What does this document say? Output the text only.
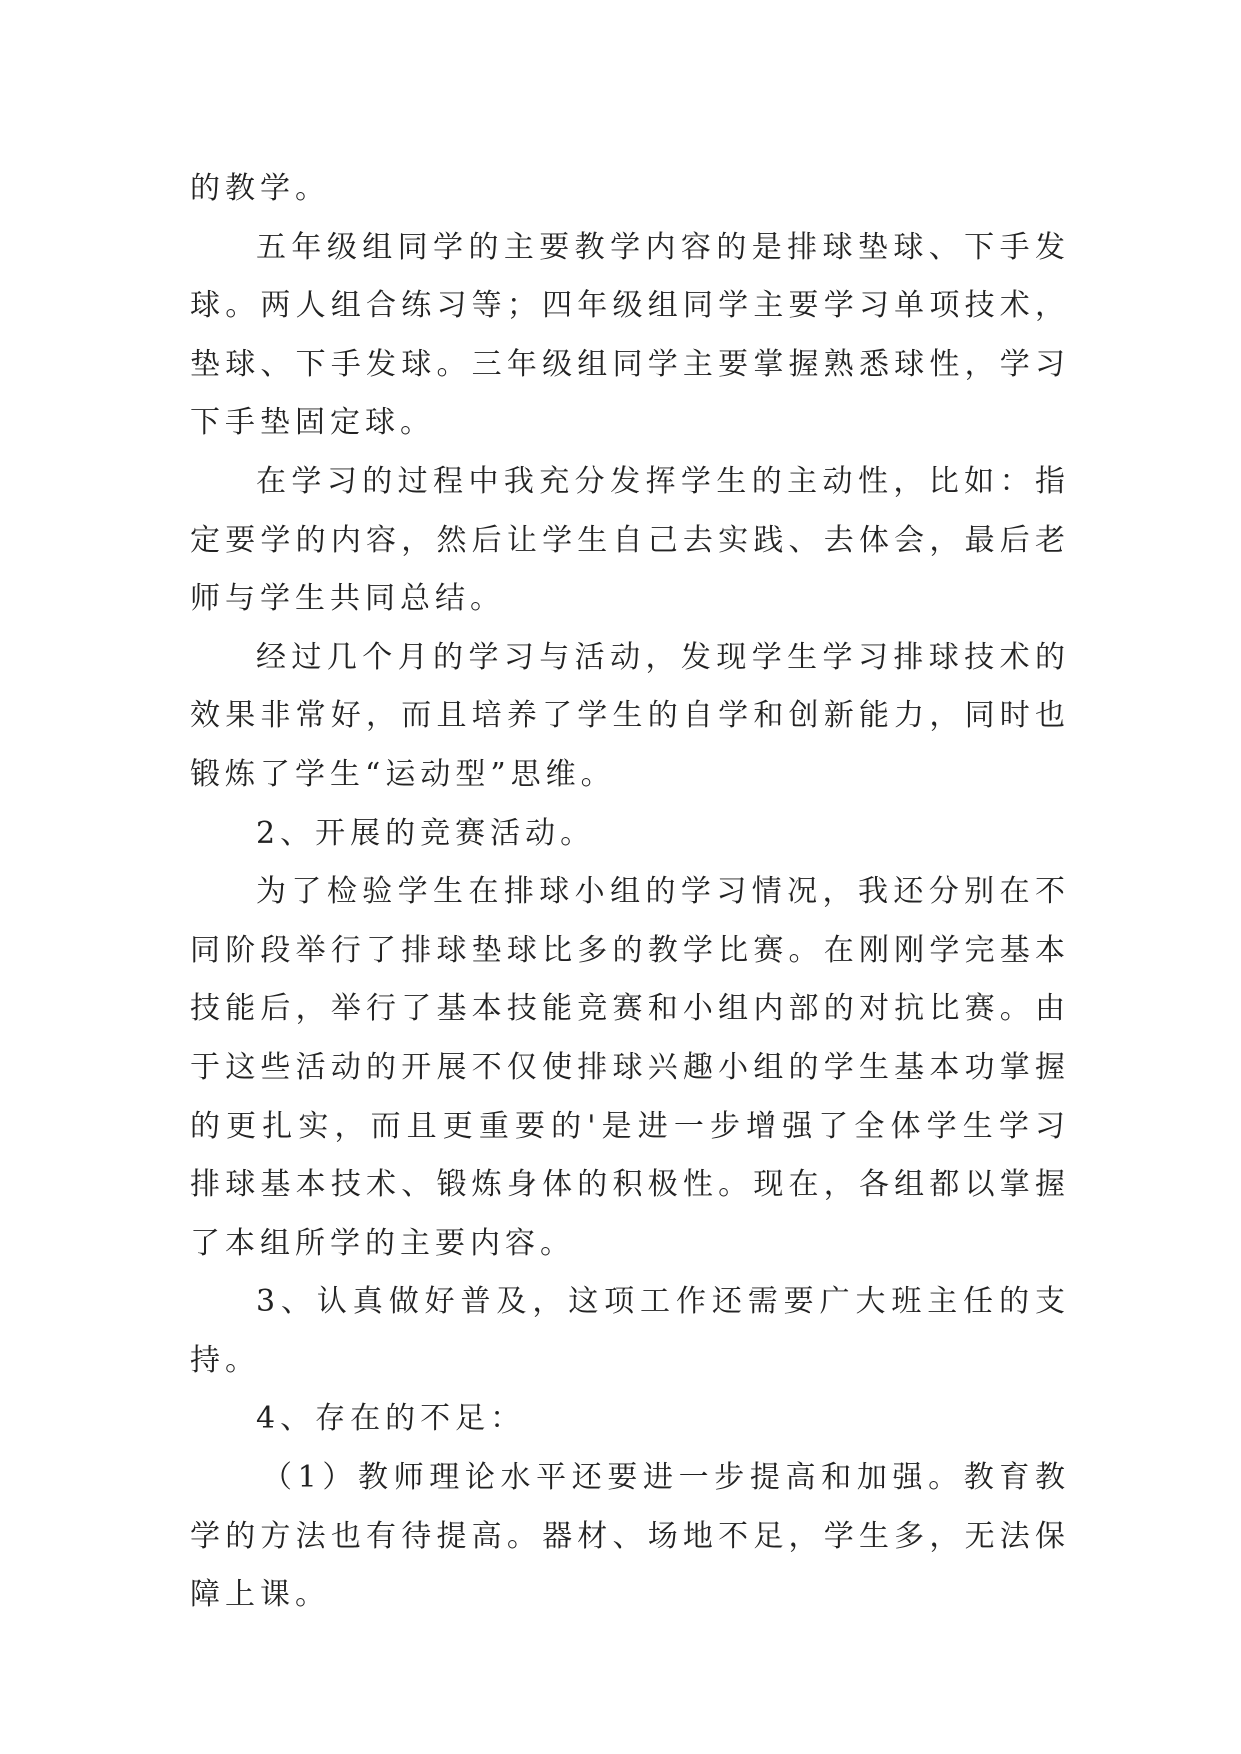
的教学。

五年级组同学的主要教学内容的是排球垫球、下手发球。两人组合练习等；四年级组同学主要学习单项技术，垫球、下手发球。三年级组同学主要掌握熟悉球性，学习下手垫固定球。

在学习的过程中我充分发挥学生的主动性，比如：指定要学的内容，然后让学生自己去实践、去体会，最后老师与学生共同总结。

经过几个月的学习与活动，发现学生学习排球技术的效果非常好，而且培养了学生的自学和创新能力，同时也锻炼了学生“运动型”思维。

2、开展的竞赛活动。

为了检验学生在排球小组的学习情况，我还分别在不同阶段举行了排球垫球比多的教学比赛。在刚刚学完基本技能后，举行了基本技能竞赛和小组内部的对抗比赛。由于这些活动的开展不仅使排球兴趣小组的学生基本功掌握的更扎实，而且更重要的'是进一步增强了全体学生学习排球基本技术、锻炼身体的积极性。现在，各组都以掌握了本组所学的主要内容。

3、认真做好普及，这项工作还需要广大班主任的支持。

4、存在的不足：

（1）教师理论水平还要进一步提高和加强。教育教学的方法也有待提高。器材、场地不足，学生多，无法保障上课。
